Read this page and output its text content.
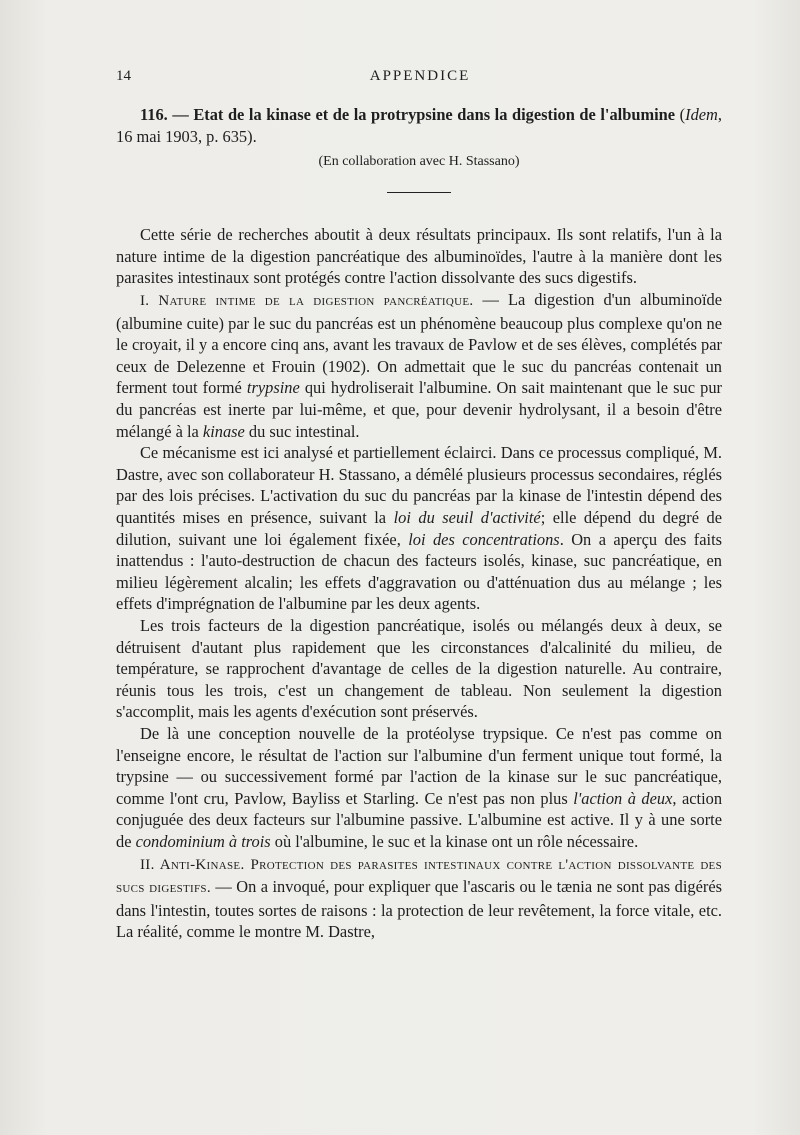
14	APPENDICE

116. — Etat de la kinase et de la protrypsine dans la digestion de l'albumine (Idem, 16 mai 1903, p. 635).

(En collaboration avec H. Stassano)

Cette série de recherches aboutit à deux résultats principaux. Ils sont relatifs, l'un à la nature intime de la digestion pancréatique des albuminoïdes, l'autre à la manière dont les parasites intestinaux sont protégés contre l'action dissolvante des sucs digestifs.

I. Nature intime de la digestion pancréatique. — La digestion d'un albuminoïde (albumine cuite) par le suc du pancréas est un phénomène beaucoup plus complexe qu'on ne le croyait, il y a encore cinq ans, avant les travaux de Pavlow et de ses élèves, complétés par ceux de Delezenne et Frouin (1902). On admettait que le suc du pancréas contenait un ferment tout formé trypsine qui hydroliserait l'albumine. On sait maintenant que le suc pur du pancréas est inerte par lui-même, et que, pour devenir hydrolysant, il a besoin d'être mélangé à la kinase du suc intestinal.

Ce mécanisme est ici analysé et partiellement éclairci. Dans ce processus compliqué, M. Dastre, avec son collaborateur H. Stassano, a démêlé plusieurs processus secondaires, réglés par des lois précises. L'activation du suc du pancréas par la kinase de l'intestin dépend des quantités mises en présence, suivant la loi du seuil d'activité; elle dépend du degré de dilution, suivant une loi également fixée, loi des concentrations. On a aperçu des faits inattendus : l'auto-destruction de chacun des facteurs isolés, kinase, suc pancréatique, en milieu légèrement alcalin; les effets d'aggravation ou d'atténuation dus au mélange ; les effets d'imprégnation de l'albumine par les deux agents.

Les trois facteurs de la digestion pancréatique, isolés ou mélangés deux à deux, se détruisent d'autant plus rapidement que les circonstances d'alcalinité du milieu, de température, se rapprochent d'avantage de celles de la digestion naturelle. Au contraire, réunis tous les trois, c'est un changement de tableau. Non seulement la digestion s'accomplit, mais les agents d'exécution sont préservés.

De là une conception nouvelle de la protéolyse trypsique. Ce n'est pas comme on l'enseigne encore, le résultat de l'action sur l'albumine d'un ferment unique tout formé, la trypsine — ou successivement formé par l'action de la kinase sur le suc pancréatique, comme l'ont cru, Pavlow, Bayliss et Starling. Ce n'est pas non plus l'action à deux, action conjuguée des deux facteurs sur l'albumine passive. L'albumine est active. Il y à une sorte de condominium à trois où l'albumine, le suc et la kinase ont un rôle nécessaire.

II. Anti-Kinase. Protection des parasites intestinaux contre l'action dissolvante des sucs digestifs. — On a invoqué, pour expliquer que l'ascaris ou le tænia ne sont pas digérés dans l'intestin, toutes sortes de raisons : la protection de leur revêtement, la force vitale, etc. La réalité, comme le montre M. Dastre,
